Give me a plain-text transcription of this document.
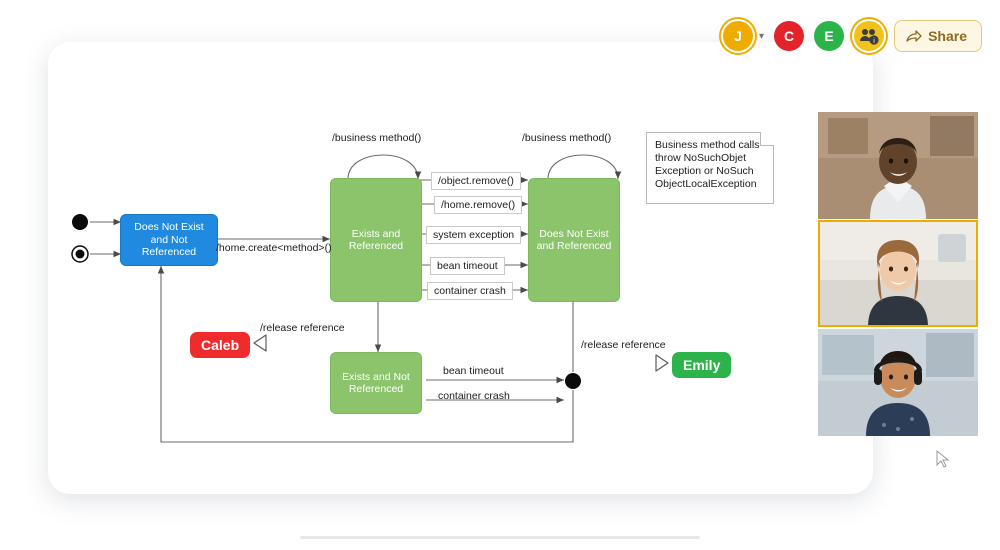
J ▾ C E	i	Share
Does Not Exist
and Not
Referenced
Exists and
Referenced
Does Not Exist
and Referenced
Exists and Not
Referenced
/business method()	/business method()
/home.create<method>()
/object.remove()
/home.remove()
system exception
bean timeout
container crash
bean timeout
container crash
/release reference
/release reference
Business method calls
throw NoSuchObjet
Exception or NoSuch
ObjectLocalException
Caleb
Emily
